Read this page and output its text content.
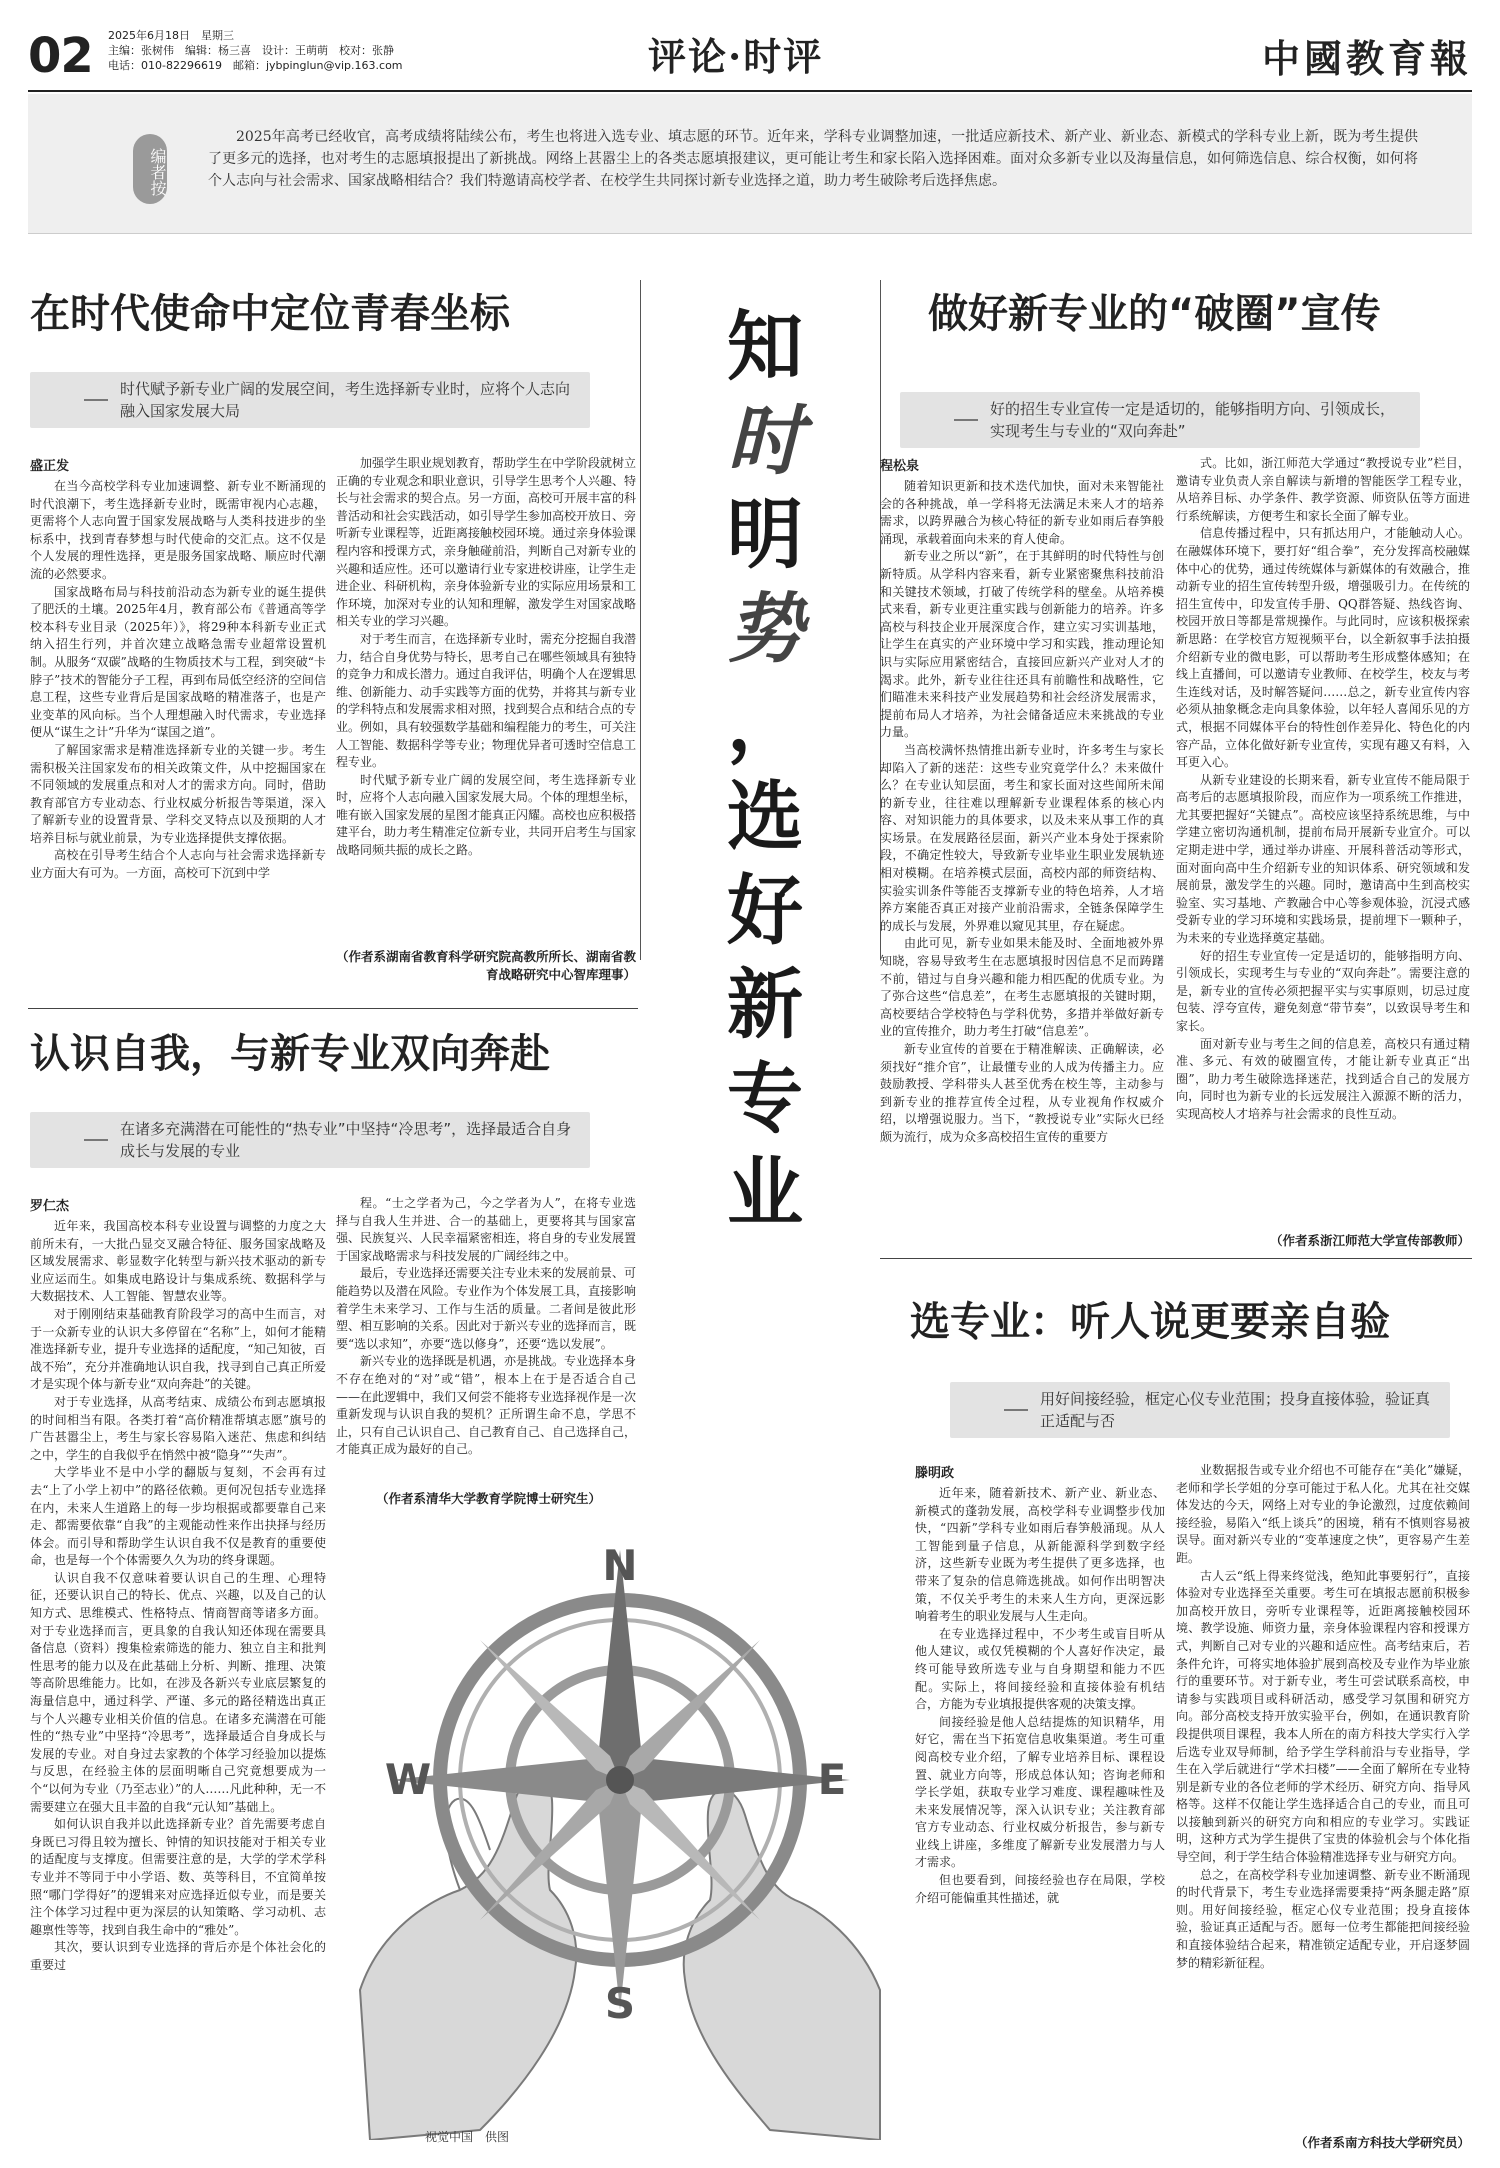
02 2025年6月18日　星期三
主编：张树伟　编辑：杨三喜　设计：王萌萌　校对：张静
电话：010-82296619　邮箱：jybpinglun@vip.163.com	评论·时评	中國教育報
编者按
2025年高考已经收官，高考成绩将陆续公布，考生也将进入选专业、填志愿的环节。近年来，学科专业调整加速，一批适应新技术、新产业、新业态、新模式的学科专业上新，既为考生提供了更多元的选择，也对考生的志愿填报提出了新挑战。网络上甚嚣尘上的各类志愿填报建议，更可能让考生和家长陷入选择困难。面对众多新专业以及海量信息，如何筛选信息、综合权衡，如何将个人志向与社会需求、国家战略相结合？我们特邀请高校学者、在校学生共同探讨新专业选择之道，助力考生破除考后选择焦虑。
在时代使命中定位青春坐标
时代赋予新专业广阔的发展空间，考生选择新专业时，应将个人志向融入国家发展大局
盛正发

在当今高校学科专业加速调整、新专业不断涌现的时代浪潮下，考生选择新专业时，既需审视内心志趣，更需将个人志向置于国家发展战略与人类科技进步的坐标系中，找到青春梦想与时代使命的交汇点。这不仅是个人发展的理性选择，更是服务国家战略、顺应时代潮流的必然要求。

国家战略布局与科技前沿动态为新专业的诞生提供了肥沃的土壤。2025年4月，教育部公布《普通高等学校本科专业目录（2025年）》，将29种本科新专业正式纳入招生行列，并首次建立战略急需专业超常设置机制。从服务“双碳”战略的生物质技术与工程，到突破“卡脖子”技术的智能分子工程，再到布局低空经济的空间信息工程，这些专业背后是国家战略的精准落子，也是产业变革的风向标。当个人理想融入时代需求，专业选择便从“谋生之计”升华为“谋国之道”。

了解国家需求是精准选择新专业的关键一步。考生需积极关注国家发布的相关政策文件，从中挖掘国家在不同领域的发展重点和对人才的需求方向。同时，借助教育部官方专业动态、行业权威分析报告等渠道，深入了解新专业的设置背景、学科交叉特点以及预期的人才培养目标与就业前景，为专业选择提供支撑依据。

高校在引导考生结合个人志向与社会需求选择新专业方面大有可为。一方面，高校可下沉到中学

加强学生职业规划教育，帮助学生在中学阶段就树立正确的专业观念和职业意识，引导学生思考个人兴趣、特长与社会需求的契合点。另一方面，高校可开展丰富的科普活动和社会实践活动，如引导学生参加高校开放日、旁听新专业课程等，近距离接触校园环境。通过亲身体验课程内容和授课方式，亲身触碰前沿，判断自己对新专业的兴趣和适应性。还可以邀请行业专家进校讲座，让学生走进企业、科研机构，亲身体验新专业的实际应用场景和工作环境，加深对专业的认知和理解，激发学生对国家战略相关专业的学习兴趣。

对于考生而言，在选择新专业时，需充分挖掘自我潜力，结合自身优势与特长，思考自己在哪些领域具有独特的竞争力和成长潜力。通过自我评估，明确个人在逻辑思维、创新能力、动手实践等方面的优势，并将其与新专业的学科特点和发展需求相对照，找到契合点和结合点的专业。例如，具有较强数学基础和编程能力的考生，可关注人工智能、数据科学等专业；物理优异者可透时空信息工程专业。

时代赋予新专业广阔的发展空间，考生选择新专业时，应将个人志向融入国家发展大局。个体的理想坐标，唯有嵌入国家发展的星图才能真正闪耀。高校也应积极搭建平台，助力考生精准定位新专业，共同开启考生与国家战略同频共振的成长之路。

（作者系湖南省教育科学研究院高教所所长、湖南省教育战略研究中心智库理事）
认识自我，与新专业双向奔赴
在诸多充满潜在可能性的“热专业”中坚持“冷思考”，选择最适合自身成长与发展的专业
罗仁杰

近年来，我国高校本科专业设置与调整的力度之大前所未有，一大批凸显交叉融合特征、服务国家战略及区域发展需求、彰显数字化转型与新兴技术驱动的新专业应运而生。如集成电路设计与集成系统、数据科学与大数据技术、人工智能、智慧农业等。

对于刚刚结束基础教育阶段学习的高中生而言，对于一众新专业的认识大多停留在“名称”上，如何才能精准选择新专业，提升专业选择的适配度，“知己知彼，百战不殆”，充分并准确地认识自我，找寻到自己真正所爱才是实现个体与新专业“双向奔赴”的关键。

对于专业选择，从高考结束、成绩公布到志愿填报的时间相当有限。各类打着“高价精准帮填志愿”旗号的广告甚嚣尘上，考生与家长容易陷入迷茫、焦虑和纠结之中，学生的自我似乎在悄然中被“隐身”“失声”。

大学毕业不是中小学的翻版与复刻，不会再有过去“上了小学上初中”的路径依赖。更何况包括专业选择在内，未来人生道路上的每一步均根据或都要靠自己来走、都需要依靠“自我”的主观能动性来作出抉择与经历体会。而引导和帮助学生认识自我不仅是教育的重要使命，也是每一个个体需要久久为功的终身课题。

认识自我不仅意味着要认识自己的生理、心理特征，还要认识自己的特长、优点、兴趣，以及自己的认知方式、思维模式、性格特点、情商智商等诸多方面。对于专业选择而言，更具象的自我认知还体现在需要具备信息（资料）搜集检索筛选的能力、独立自主和批判性思考的能力以及在此基础上分析、判断、推理、决策等高阶思维能力。比如，在涉及各新兴专业底层繁复的海量信息中，通过科学、严谨、多元的路径精选出真正与个人兴趣专业相关价值的信息。在诸多充满潜在可能性的“热专业”中坚持“冷思考”，选择最适合自身成长与发展的专业。对自身过去家教的个体学习经验加以提炼与反思，在经验主体的层面明晰自己究竟想要成为一个“以何为专业（乃至志业）”的人……凡此种种，无一不需要建立在强大且丰盈的自我“元认知”基础上。

如何认识自我并以此选择新专业？首先需要考虑自身既已习得且较为擅长、钟情的知识技能对于相关专业的适配度与支撑度。但需要注意的是，大学的学术学科专业并不等同于中小学语、数、英等科目，不宜简单按照“哪门学得好”的逻辑来对应选择近似专业，而是要关注个体学习过程中更为深层的认知策略、学习动机、志趣禀性等等，找到自我生命中的“雅处”。

其次，要认识到专业选择的背后亦是个体社会化的重要过

程。“士之学者为己，今之学者为人”，在将专业选择与自我人生并进、合一的基础上，更要将其与国家富强、民族复兴、人民幸福紧密相连，将自身的专业发展置于国家战略需求与科技发展的广阔经纬之中。

最后，专业选择还需要关注专业未来的发展前景、可能趋势以及潜在风险。专业作为个体发展工具，直接影响着学生未来学习、工作与生活的质量。二者间是彼此形塑、相互影响的关系。因此对于新兴专业的选择而言，既要“选以求知”，亦要“选以修身”，还要“选以发展”。

新兴专业的选择既是机遇，亦是挑战。专业选择本身不存在绝对的“对”或“错”，根本上在于是否适合自己——在此逻辑中，我们又何尝不能将专业选择视作是一次重新发现与认识自我的契机？正所谓生命不息，学思不止，只有自己认识自己、自己教育自己、自己选择自己，才能真正成为最好的自己。

（作者系清华大学教育学院博士研究生）
N
S
W	E
视觉中国　供图
知
时
明
势
，
选
好
新
专
业
做好新专业的“破圈”宣传
好的招生专业宣传一定是适切的，能够指明方向、引领成长，实现考生与专业的“双向奔赴”
程松泉

随着知识更新和技术迭代加快，面对未来智能社会的各种挑战，单一学科将无法满足未来人才的培养需求，以跨界融合为核心特征的新专业如雨后春笋般涌现，承载着面向未来的育人使命。

新专业之所以“新”，在于其鲜明的时代特性与创新特质。从学科内容来看，新专业紧密聚焦科技前沿和关键技术领域，打破了传统学科的壁垒。从培养模式来看，新专业更注重实践与创新能力的培养。许多高校与科技企业开展深度合作，建立实习实训基地，让学生在真实的产业环境中学习和实践，推动理论知识与实际应用紧密结合，直接回应新兴产业对人才的渴求。此外，新专业往往还具有前瞻性和战略性，它们瞄准未来科技产业发展趋势和社会经济发展需求，提前布局人才培养，为社会储备适应未来挑战的专业力量。

当高校满怀热情推出新专业时，许多考生与家长却陷入了新的迷茫：这些专业究竟学什么？未来做什么？在专业认知层面，考生和家长面对这些闻所未闻的新专业，往往难以理解新专业课程体系的核心内容、对知识能力的具体要求，以及未来从事工作的真实场景。在发展路径层面，新兴产业本身处于探索阶段，不确定性较大，导致新专业毕业生职业发展轨迹相对模糊。在培养模式层面，高校内部的师资结构、实验实训条件等能否支撑新专业的特色培养，人才培养方案能否真正对接产业前沿需求，全链条保障学生的成长与发展，外界难以窥见其里，存在疑虑。

由此可见，新专业如果未能及时、全面地被外界知晓，容易导致考生在志愿填报时因信息不足而踌躇不前，错过与自身兴趣和能力相匹配的优质专业。为了弥合这些“信息差”，在考生志愿填报的关键时期，高校要结合学校特色与学科优势，多措并举做好新专业的宣传推介，助力考生打破“信息差”。

新专业宣传的首要在于精准解读、正确解读，必须找好“推介官”，让最懂专业的人成为传播主力。应鼓励教授、学科带头人甚至优秀在校生等，主动参与到新专业的推荐宣传全过程，从专业视角作权威介绍，以增强说服力。当下，“教授说专业”实际火已经颇为流行，成为众多高校招生宣传的重要方

式。比如，浙江师范大学通过“教授说专业”栏目，邀请专业负责人亲自解读与新增的智能医学工程专业，从培养目标、办学条件、教学资源、师资队伍等方面进行系统解读，方便考生和家长全面了解专业。

信息传播过程中，只有抓达用户，才能触动人心。在融媒体环境下，要打好“组合拳”，充分发挥高校融媒体中心的优势，通过传统媒体与新媒体的有效融合，推动新专业的招生宣传转型升级，增强吸引力。在传统的招生宣传中，印发宣传手册、QQ群答疑、热线咨询、校园开放日等都是常规操作。与此同时，应该积极探索新思路：在学校官方短视频平台，以全新叙事手法拍摄介绍新专业的微电影，可以帮助考生形成整体感知；在线上直播间，可以邀请专业教师、在校学生，校友与考生连线对话，及时解答疑问……总之，新专业宣传内容必须从抽象概念走向具象体验，以年轻人喜闻乐见的方式，根据不同媒体平台的特性创作差异化、特色化的内容产品，立体化做好新专业宣传，实现有趣又有料，入耳更入心。

从新专业建设的长期来看，新专业宣传不能局限于高考后的志愿填报阶段，而应作为一项系统工作推进，尤其要把握好“关键点”。高校应该坚持系统思维，与中学建立密切沟通机制，提前布局开展新专业宣介。可以定期走进中学，通过举办讲座、开展科普活动等形式，面对面向高中生介绍新专业的知识体系、研究领域和发展前景，激发学生的兴趣。同时，邀请高中生到高校实验室、实习基地、产教融合中心等参观体验，沉浸式感受新专业的学习环境和实践场景，提前埋下一颗种子，为未来的专业选择奠定基础。

好的招生专业宣传一定是适切的，能够指明方向、引领成长，实现考生与专业的“双向奔赴”。需要注意的是，新专业的宣传必须把握平实与实事原则，切忌过度包装、浮夸宣传，避免刻意“带节奏”，以致误导考生和家长。

面对新专业与考生之间的信息差，高校只有通过精准、多元、有效的破圈宣传，才能让新专业真正“出圈”，助力考生破除选择迷茫，找到适合自己的发展方向，同时也为新专业的长远发展注入源源不断的活力，实现高校人才培养与社会需求的良性互动。

（作者系浙江师范大学宣传部教师）
选专业：听人说更要亲自验
用好间接经验，框定心仪专业范围；投身直接体验，验证真正适配与否
滕明政

近年来，随着新技术、新产业、新业态、新模式的蓬勃发展，高校学科专业调整步伐加快，“四新”学科专业如雨后春笋般涌现。从人工智能到量子信息，从新能源科学到数字经济，这些新专业既为考生提供了更多选择，也带来了复杂的信息筛选挑战。如何作出明智决策，不仅关乎考生的未来人生方向，更深远影响着考生的职业发展与人生走向。

在专业选择过程中，不少考生或盲目听从他人建议，或仅凭模糊的个人喜好作决定，最终可能导致所选专业与自身期望和能力不匹配。实际上，将间接经验和直接体验有机结合，方能为专业填报提供客观的决策支撑。

间接经验是他人总结提炼的知识精华，用好它，需在当下拓宽信息收集渠道。考生可重阅高校专业介绍，了解专业培养目标、课程设置、就业方向等，形成总体认知；咨询老师和学长学姐，获取专业学习难度、课程趣味性及未来发展情况等，深入认识专业；关注教育部官方专业动态、行业权威分析报告，参与新专业线上讲座，多维度了解新专业发展潜力与人才需求。

但也要看到，间接经验也存在局限，学校介绍可能偏重其性描述，就

业数据报告或专业介绍也不可能存在“美化”嫌疑，老师和学长学姐的分享可能过于私人化。尤其在社交媒体发达的今天，网络上对专业的争论激烈，过度依赖间接经验，易陷入“纸上谈兵”的困境，稍有不慎则容易被误导。面对新兴专业的“变革速度之快”，更容易产生差距。

古人云“纸上得来终觉浅，绝知此事要躬行”，直接体验对专业选择至关重要。考生可在填报志愿前积极参加高校开放日，旁听专业课程等，近距离接触校园环境、教学设施、师资力量，亲身体验课程内容和授课方式，判断自己对专业的兴趣和适应性。高考结束后，若条件允许，可将实地体验扩展到高校及专业作为毕业旅行的重要环节。对于新专业，考生可尝试联系高校，申请参与实践项目或科研活动，感受学习氛围和研究方向。部分高校支持开放实验平台，例如，在通识教育阶段提供项目课程，我本人所在的南方科技大学实行入学后选专业双导师制，给予学生学科前沿与专业指导，学生在入学后就进行“学术扫楼”——全面了解所在专业特别是新专业的各位老师的学术经历、研究方向、指导风格等。这样不仅能让学生选择适合自己的专业，而且可以接触到新兴的研究方向和相应的专业学习。实践证明，这种方式为学生提供了宝贵的体验机会与个体化指导空间，利于学生结合体验精准选择专业与研究方向。

总之，在高校学科专业加速调整、新专业不断涌现的时代背景下，考生专业选择需要秉持“两条腿走路”原则。用好间接经验，框定心仪专业范围；投身直接体验，验证真正适配与否。愿每一位考生都能把间接经验和直接体验结合起来，精准锁定适配专业，开启逐梦圆梦的精彩新征程。

（作者系南方科技大学研究员）
